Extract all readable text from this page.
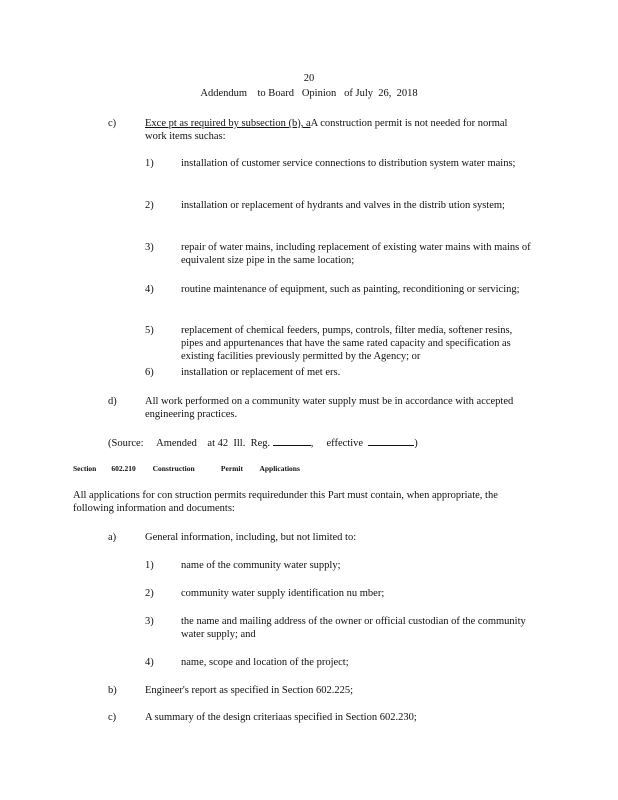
20
Addendum    to Board   Opinion   of July  26,  2018
c)	Exce pt as required by subsection (b), aA construction permit is not needed for normal work items suchas:
1)	installation of customer service connections to distribution system water mains;
2)	installation or replacement of hydrants and valves in the distrib ution system;
3)	repair of water mains, including replacement of existing water mains with mains of equivalent size pipe in the same location;
4)	routine maintenance of equipment, such as painting, reconditioning or servicing;
5)	replacement of chemical feeders, pumps, controls, filter media, softener resins, pipes and appurtenances that have the same rated capacity and specification as existing facilities previously permitted by the Agency; or
6)	installation or replacement of met ers.
d)	All work performed on a community water supply must be in accordance with accepted engineering practices.
(Source:     Amended    at 42  Ill.  Reg.	,     effective	)
Section        602.210 Construction              Permit         Applications
All applications for con struction permits requiredunder this Part must contain, when appropriate, the following information and documents:
a)	General information, including, but not limited to:
1)	name of the community water supply;
2)	community water supply identification nu mber;
3)	the name and mailing address of the owner or official custodian of the community water supply; and
4)	name, scope and location of the project;
b)	Engineer's report as specified in Section 602.225;
c)	A summary of the design criteriaas specified in Section 602.230;
